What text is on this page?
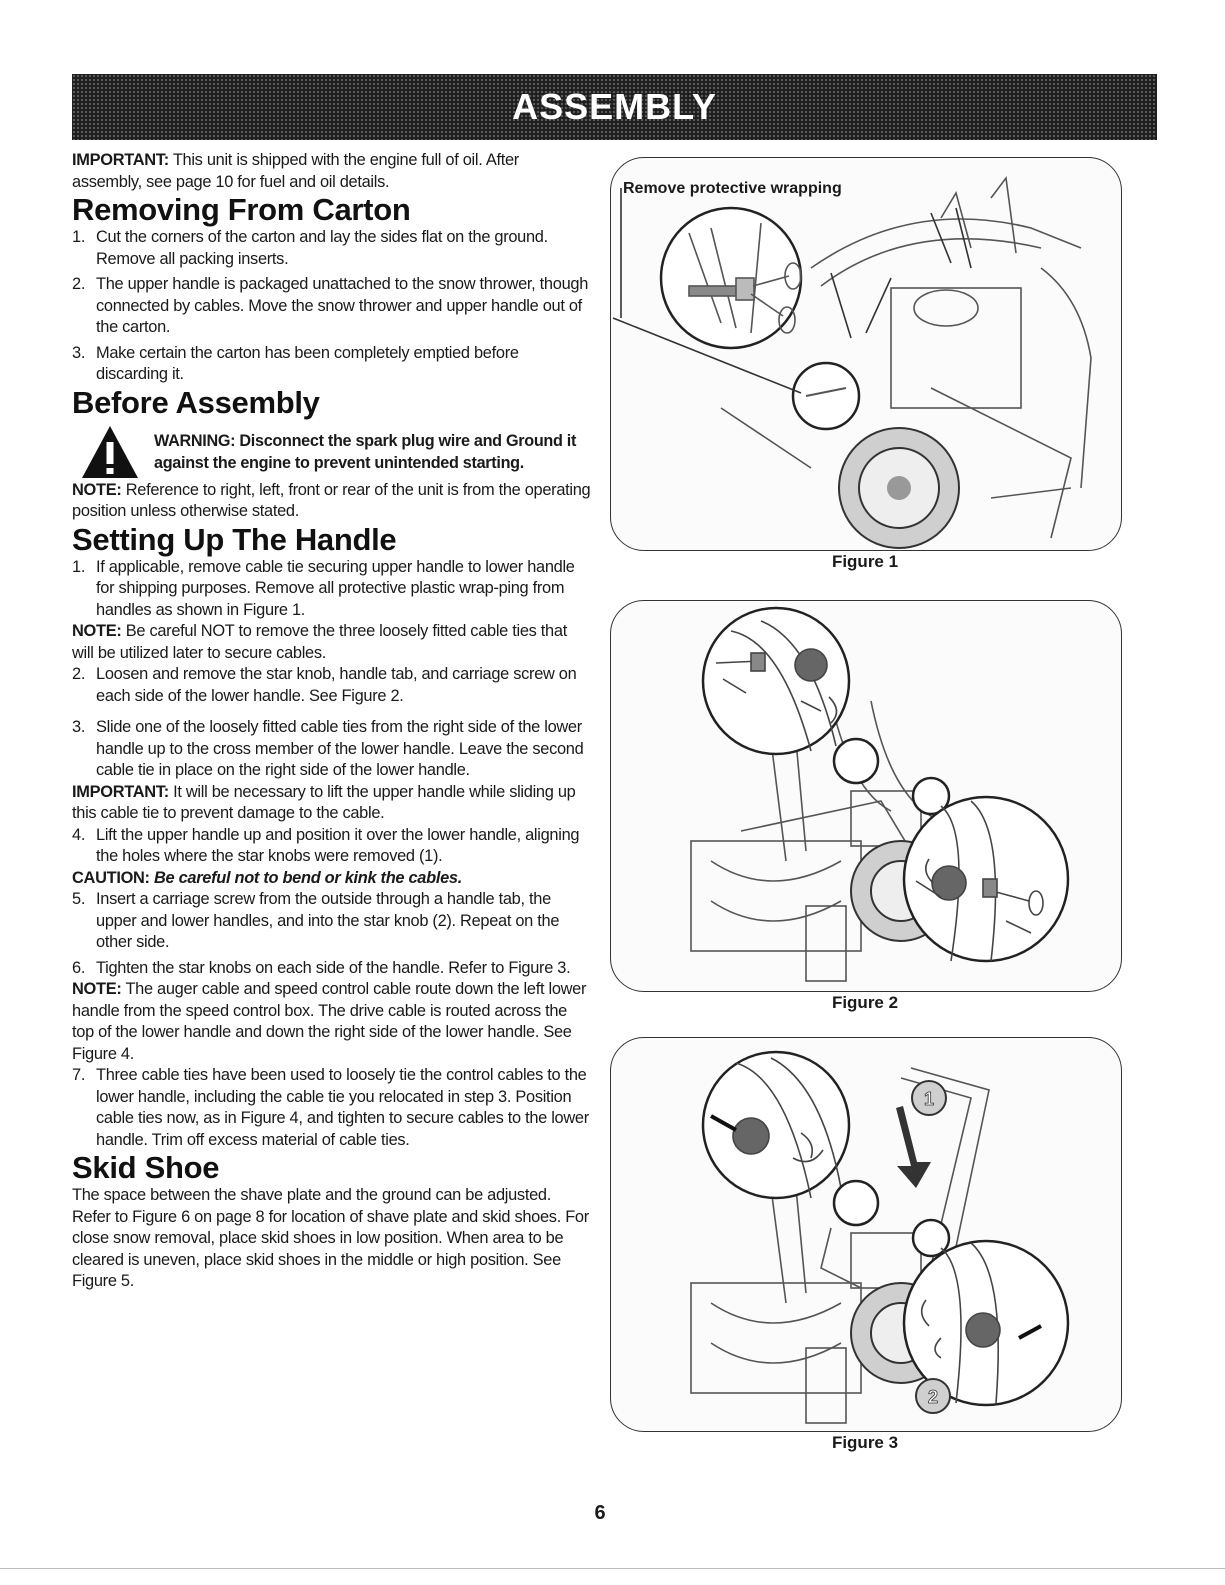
ASSEMBLY

IMPORTANT: This unit is shipped with the engine full of oil. After assembly, see page 10 for fuel and oil details.

Removing From Carton
1. Cut the corners of the carton and lay the sides flat on the ground. Remove all packing inserts.
2. The upper handle is packaged unattached to the snow thrower, though connected by cables. Move the snow thrower and upper handle out of the carton.
3. Make certain the carton has been completely emptied before discarding it.
Before Assembly
WARNING: Disconnect the spark plug wire and Ground it against the engine to prevent unintended starting.

NOTE: Reference to right, left, front or rear of the unit is from the operating position unless otherwise stated.

Setting Up The Handle
1. If applicable, remove cable tie securing upper handle to lower handle for shipping purposes. Remove all protective plastic wrap-ping from handles as shown in Figure 1.

NOTE: Be careful NOT to remove the three loosely fitted cable ties that will be utilized later to secure cables.

2. Loosen and remove the star knob, handle tab, and carriage screw on each side of the lower handle. See Figure 2.
3. Slide one of the loosely fitted cable ties from the right side of the lower handle up to the cross member of the lower handle. Leave the second cable tie in place on the right side of the lower handle.

IMPORTANT: It will be necessary to lift the upper handle while sliding up this cable tie to prevent damage to the cable.

4. Lift the upper handle up and position it over the lower handle, aligning the holes where the star knobs were removed (1).

CAUTION: Be careful not to bend or kink the cables.

5. Insert a carriage screw from the outside through a handle tab, the upper and lower handles, and into the star knob (2). Repeat on the other side.
6. Tighten the star knobs on each side of the handle. Refer to Figure 3.

NOTE: The auger cable and speed control cable route down the left lower handle from the speed control box. The drive cable is routed across the top of the lower handle and down the right side of the lower handle. See Figure 4.

7. Three cable ties have been used to loosely tie the control cables to the lower handle, including the cable tie you relocated in step 3. Position cable ties now, as in Figure 4, and tighten to secure cables to the lower handle. Trim off excess material of cable ties.
Skid Shoe

The space between the shave plate and the ground can be adjusted. Refer to Figure 6 on page 8 for location of shave plate and skid shoes. For close snow removal, place skid shoes in low position. When area to be cleared is uneven, place skid shoes in the middle or high position. See Figure 5.

Remove protective wrapping
Figure 1
Figure 2
1
2
Figure 3
6
